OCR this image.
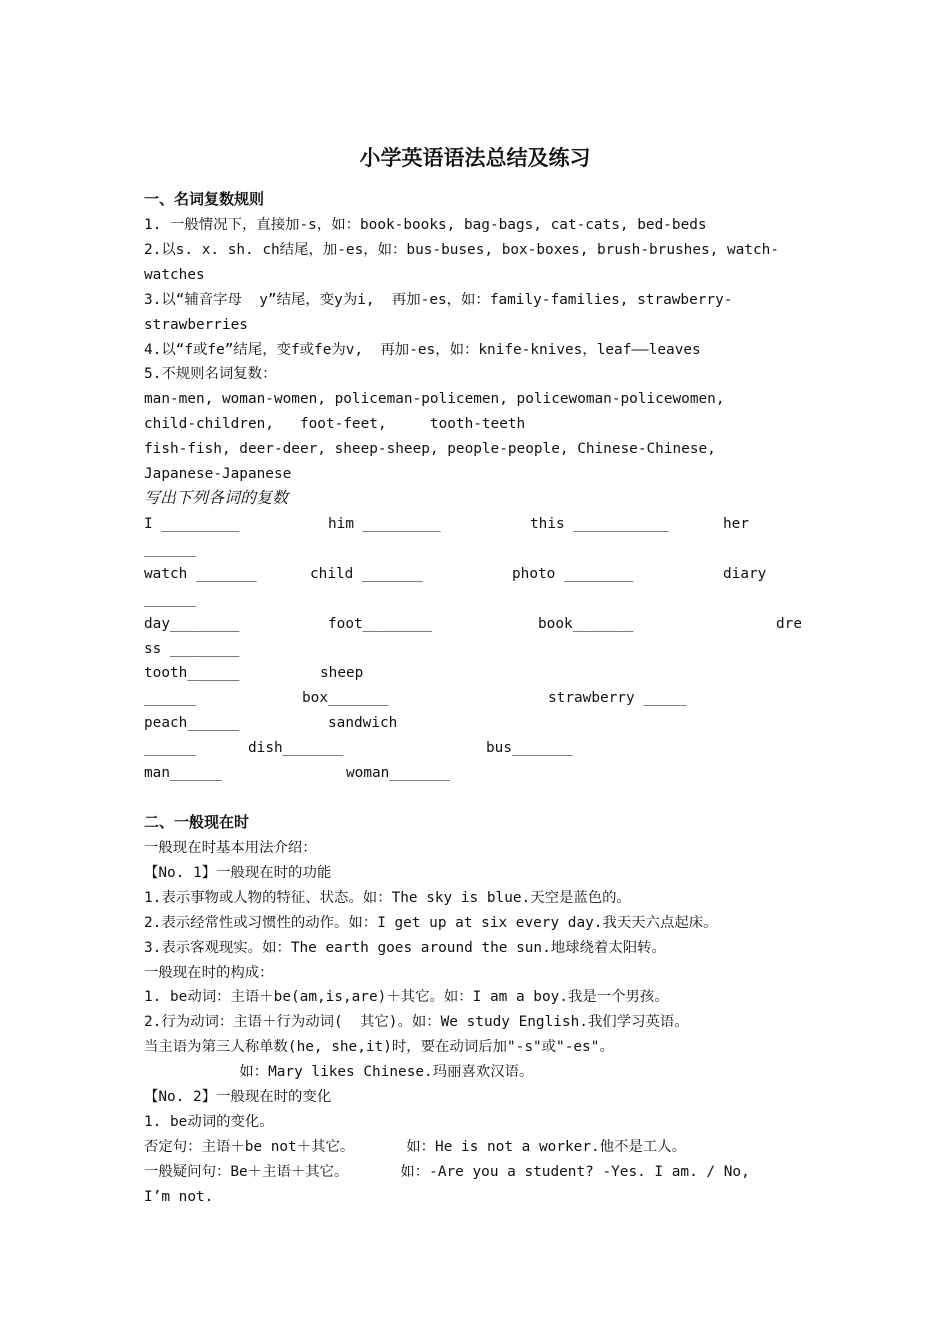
小学英语语法总结及练习
一、名词复数规则
1. 一般情况下，直接加-s，如：book-books, bag-bags, cat-cats, bed-beds
2.以s. x. sh. ch结尾，加-es，如：bus-buses, box-boxes, brush-brushes, watch-
watches
3.以“辅音字母  y”结尾，变y为i,  再加-es，如：family-families, strawberry-
strawberries
4.以“f或fe”结尾，变f或fe为v,  再加-es，如：knife-knives，leaf——leaves
5.不规则名词复数：
man-men, woman-women, policeman-policemen, policewoman-policewomen,
child-children,   foot-feet,     tooth-teeth
fish-fish, deer-deer, sheep-sheep, people-people, Chinese-Chinese,
Japanese-Japanese
写出下列各词的复数
I _________	him _________	this ___________	her
______
watch _______	child _______	photo ________	diary
______
day________	foot________	book_______	dre
ss ________
tooth______	sheep
______	box_______	strawberry _____
peach______	sandwich
______	dish_______	bus_______
man______	woman_______
二、一般现在时
一般现在时基本用法介绍：
【No. 1】一般现在时的功能
1.表示事物或人物的特征、状态。如：The sky is blue.天空是蓝色的。
2.表示经常性或习惯性的动作。如：I get up at six every day.我天天六点起床。
3.表示客观现实。如：The earth goes around the sun.地球绕着太阳转。
一般现在时的构成：
1. be动词：主语＋be(am,is,are)＋其它。如：I am a boy.我是一个男孩。
2.行为动词：主语＋行为动词(  其它)。如：We study English.我们学习英语。
当主语为第三人称单数(he, she,it)时，要在动词后加"-s"或"-es"。
如：Mary likes Chinese.玛丽喜欢汉语。
【No. 2】一般现在时的变化
1. be动词的变化。
否定句：主语＋be not＋其它。      如：He is not a worker.他不是工人。
一般疑问句：Be＋主语＋其它。      如：-Are you a student? -Yes. I am. / No,
I’m not.
